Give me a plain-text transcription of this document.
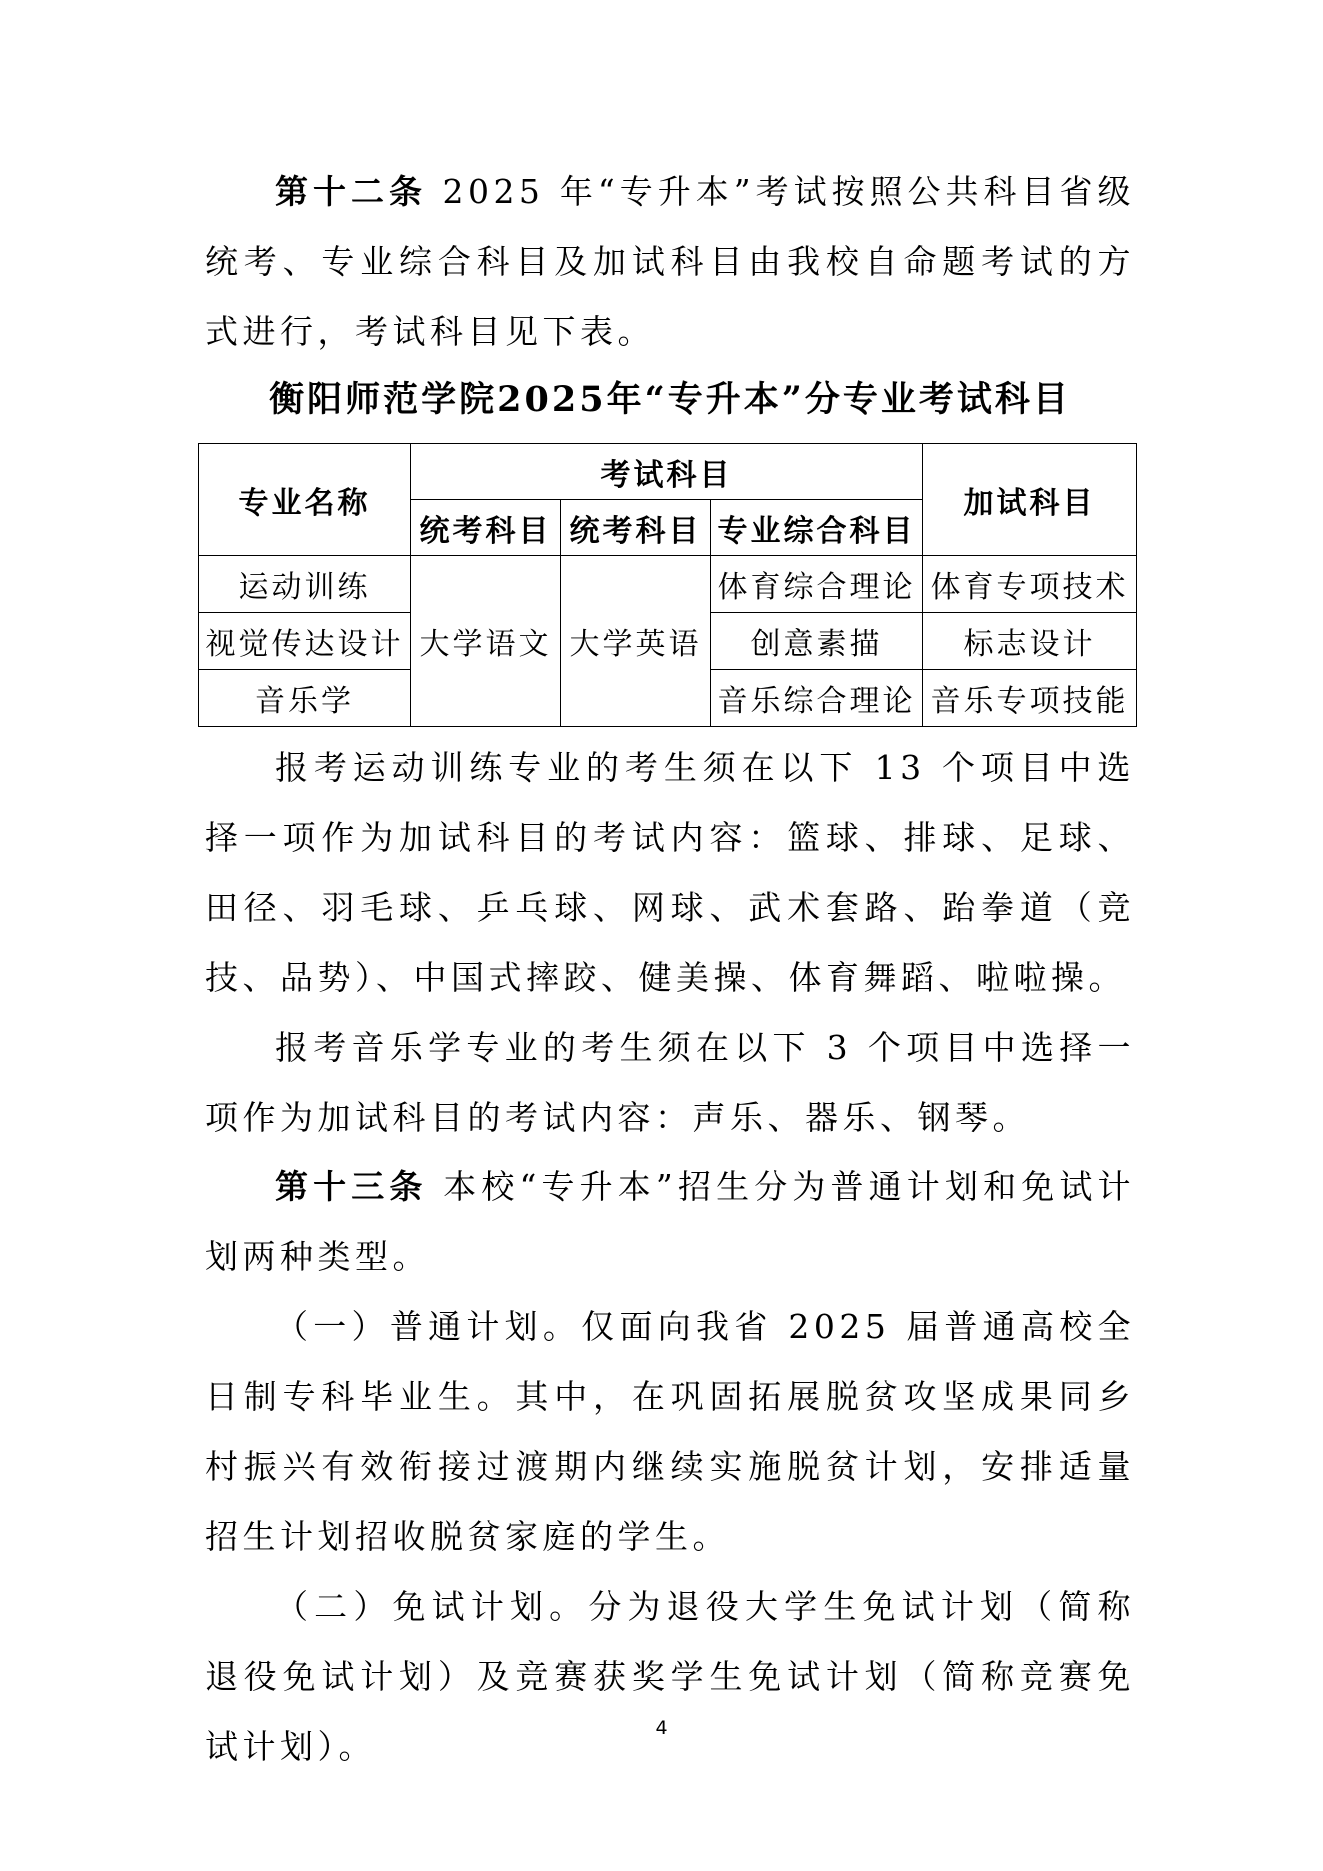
第十二条 2025 年“专升本”考试按照公共科目省级统考、专业综合科目及加试科目由我校自命题考试的方式进行，考试科目见下表。

衡阳师范学院2025年“专升本”分专业考试科目

专业名称	考试科目			加试科目
	统考科目	统考科目	专业综合科目	
运动训练	大学语文	大学英语	体育综合理论	体育专项技术
视觉传达设计			创意素描	标志设计
音乐学			音乐综合理论	音乐专项技能

报考运动训练专业的考生须在以下 13 个项目中选择一项作为加试科目的考试内容：篮球、排球、足球、田径、羽毛球、乒乓球、网球、武术套路、跆拳道（竞技、品势）、中国式摔跤、健美操、体育舞蹈、啦啦操。

报考音乐学专业的考生须在以下 3 个项目中选择一项作为加试科目的考试内容：声乐、器乐、钢琴。

第十三条 本校“专升本”招生分为普通计划和免试计划两种类型。

（一）普通计划。仅面向我省 2025 届普通高校全日制专科毕业生。其中，在巩固拓展脱贫攻坚成果同乡村振兴有效衔接过渡期内继续实施脱贫计划，安排适量招生计划招收脱贫家庭的学生。

（二）免试计划。分为退役大学生免试计划（简称退役免试计划）及竞赛获奖学生免试计划（简称竞赛免试计划）。	4
